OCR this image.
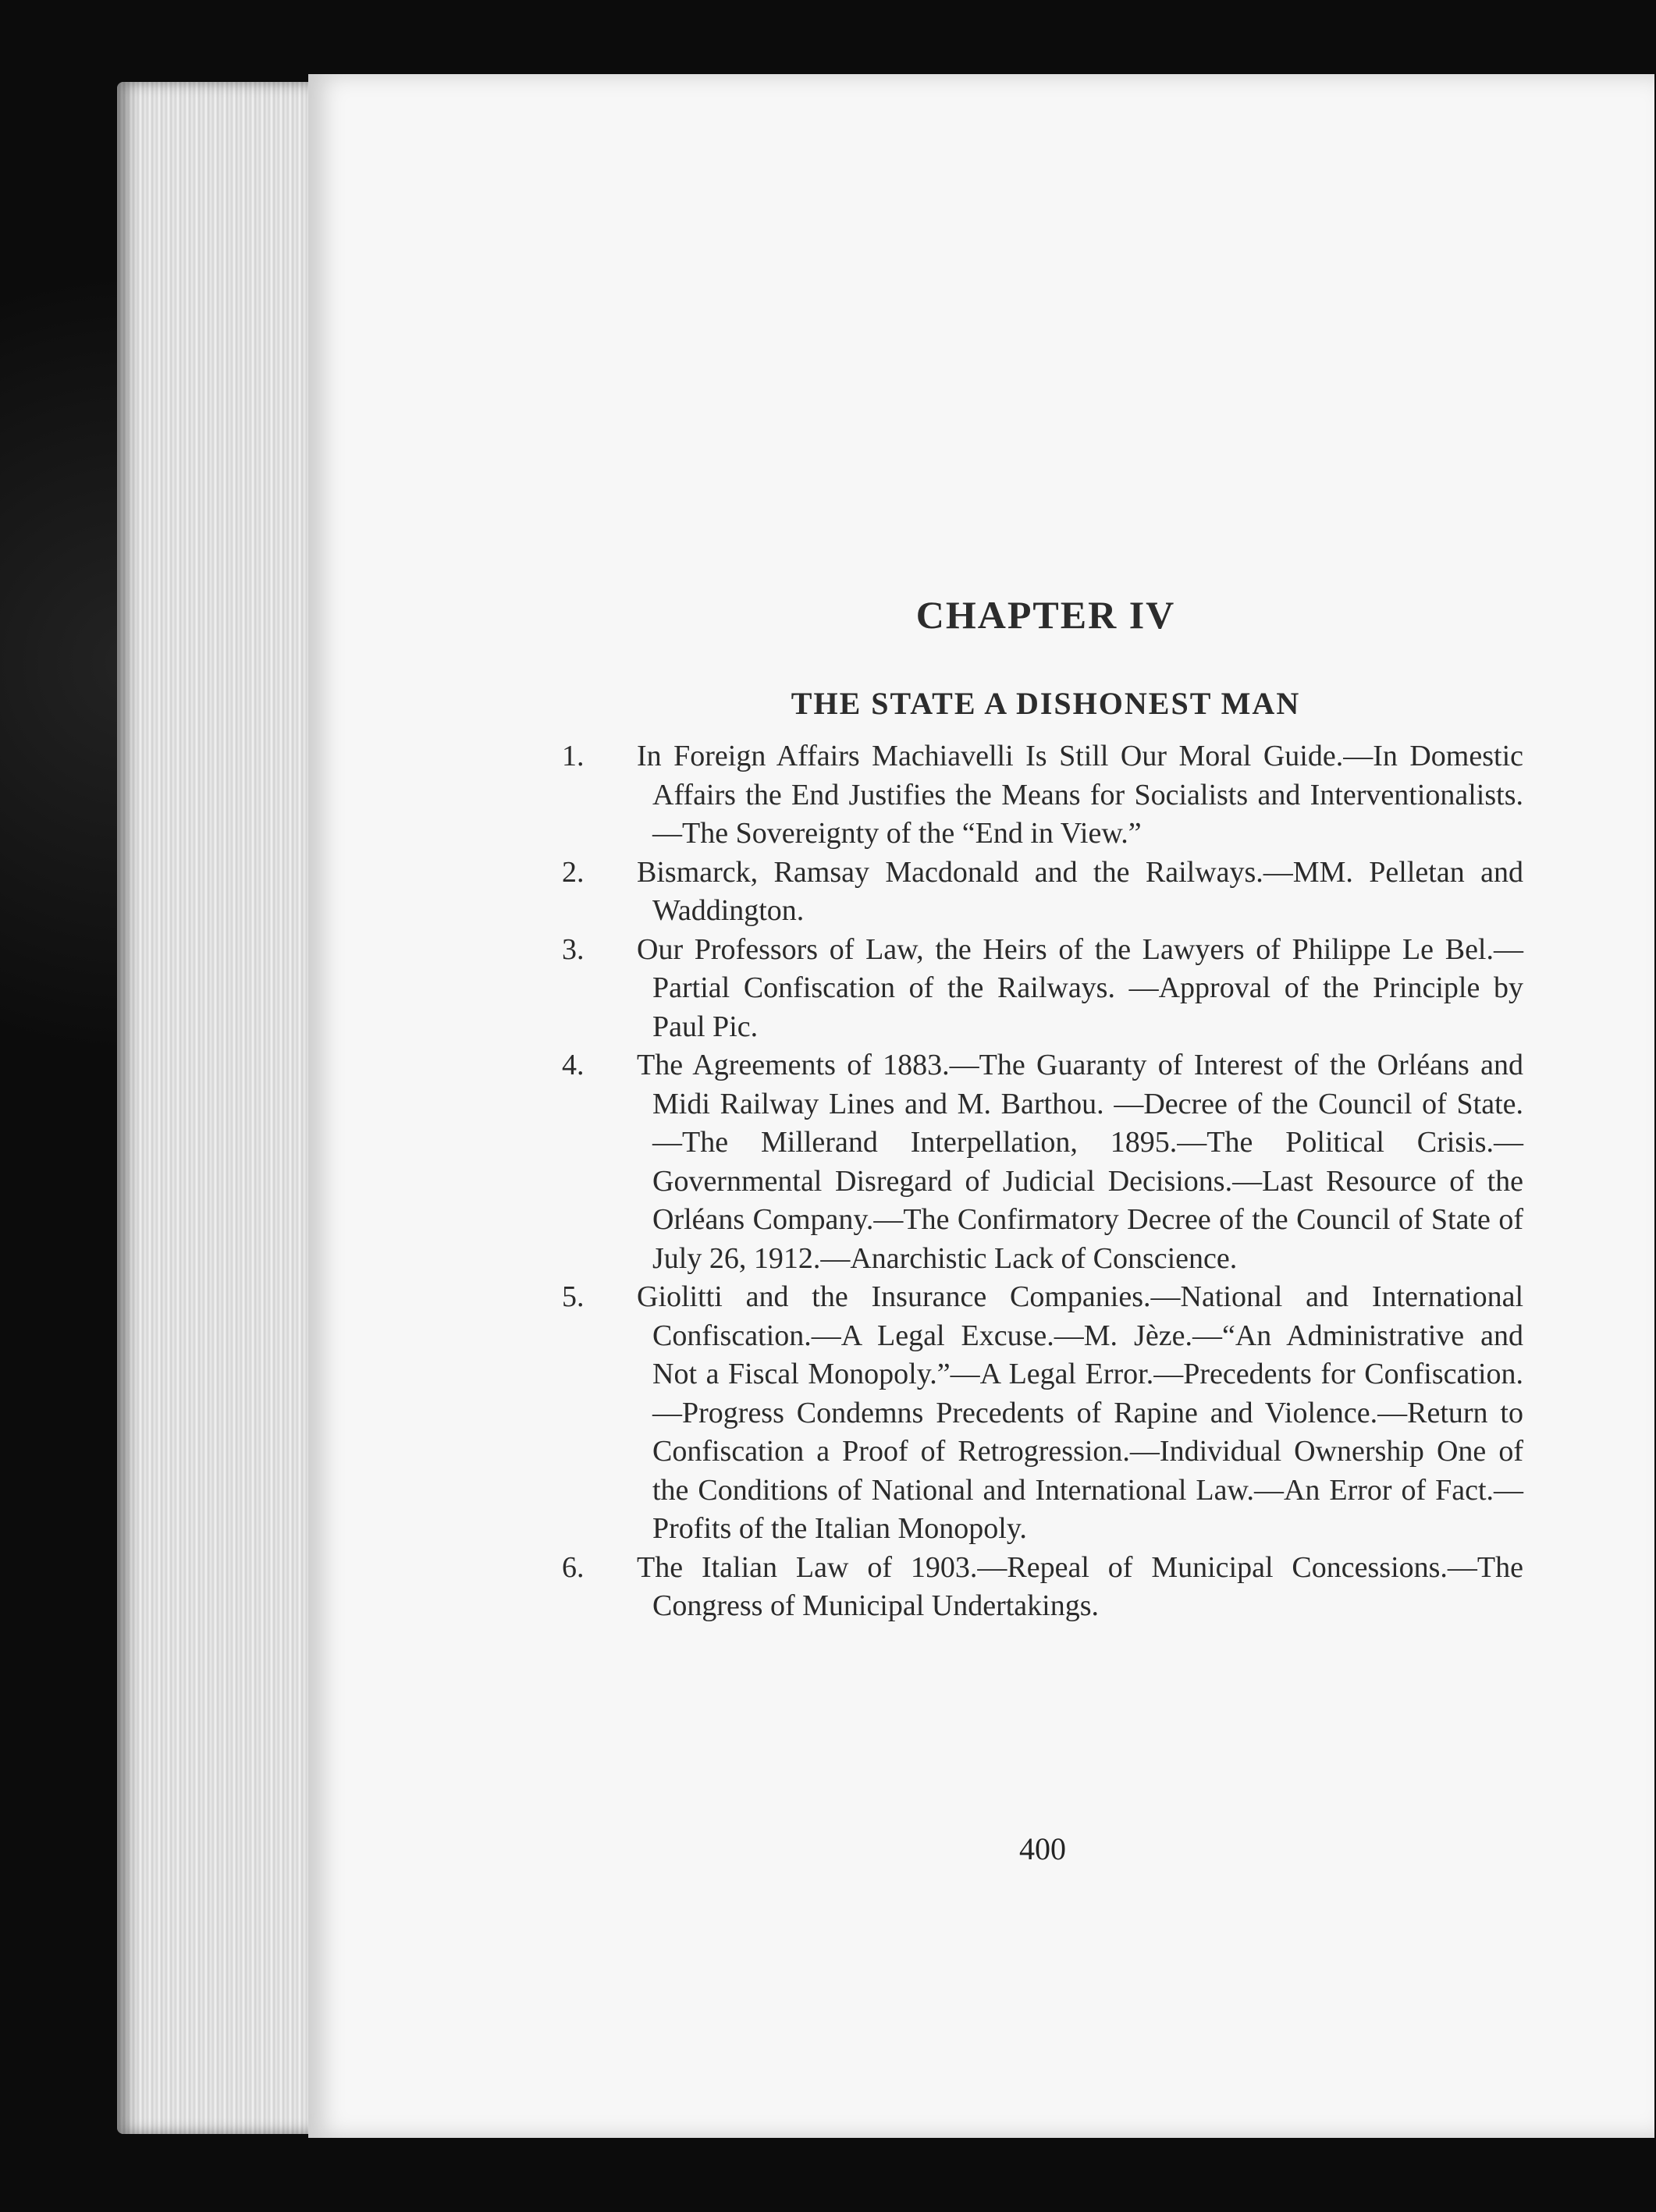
CHAPTER IV
THE STATE A DISHONEST MAN

1. In Foreign Affairs Machiavelli Is Still Our Moral Guide.—In Domestic Affairs the End Justifies the Means for Socialists and Interventionalists.—The Sovereignty of the “End in View.”

2. Bismarck, Ramsay Macdonald and the Railways.—MM. Pelletan and Waddington.

3. Our Professors of Law, the Heirs of the Lawyers of Philippe Le Bel.—Partial Confiscation of the Railways. —Approval of the Principle by Paul Pic.

4. The Agreements of 1883.—The Guaranty of Interest of the Orléans and Midi Railway Lines and M. Barthou. —Decree of the Council of State.—The Millerand Interpellation, 1895.—The Political Crisis.—Governmental Disregard of Judicial Decisions.—Last Resource of the Orléans Company.—The Confirmatory Decree of the Council of State of July 26, 1912.—Anarchistic Lack of Conscience.

5. Giolitti and the Insurance Companies.—National and International Confiscation.—A Legal Excuse.—M. Jèze.—“An Administrative and Not a Fiscal Monopoly.”—A Legal Error.—Precedents for Confiscation. —Progress Condemns Precedents of Rapine and Violence.—Return to Confiscation a Proof of Retrogression.—Individual Ownership One of the Conditions of National and International Law.—An Error of Fact.—Profits of the Italian Monopoly.

6. The Italian Law of 1903.—Repeal of Municipal Concessions.—The Congress of Municipal Undertakings.

400
